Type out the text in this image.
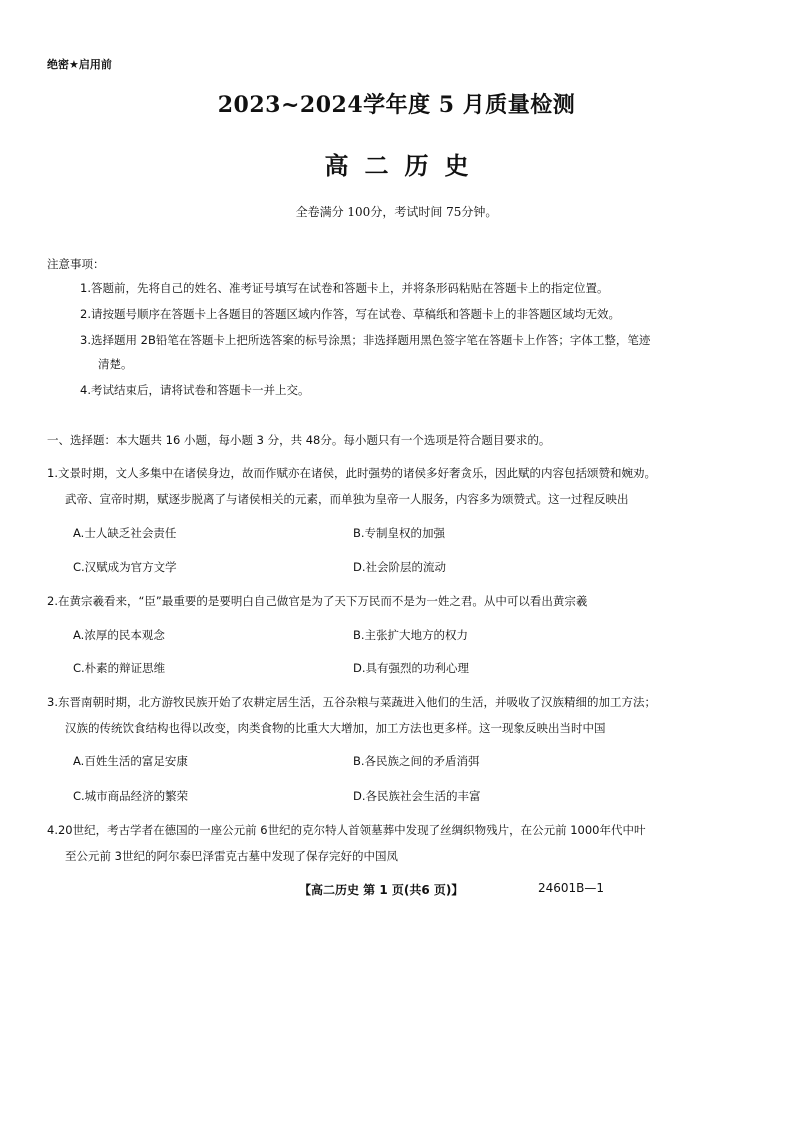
绝密★启用前
2023~2024学年度 5 月质量检测
高二历史
全卷满分 100分，考试时间 75分钟。
注意事项：
1.答题前，先将自己的姓名、准考证号填写在试卷和答题卡上，并将条形码粘贴在答题卡上的指定位置。
2.请按题号顺序在答题卡上各题目的答题区域内作答，写在试卷、草稿纸和答题卡上的非答题区域均无效。
3.选择题用 2B铅笔在答题卡上把所选答案的标号涂黑；非选择题用黑色签字笔在答题卡上作答；字体工整，笔迹
清楚。
4.考试结束后，请将试卷和答题卡一并上交。
一、选择题：本大题共 16 小题，每小题 3 分，共 48分。每小题只有一个选项是符合题目要求的。
1.文景时期，文人多集中在诸侯身边，故而作赋亦在诸侯，此时强势的诸侯多好奢贪乐，因此赋的内容包括颂赞和婉劝。
武帝、宣帝时期，赋逐步脱离了与诸侯相关的元素，而单独为皇帝一人服务，内容多为颂赞式。这一过程反映出
A.士人缺乏社会责任	B.专制皇权的加强
C.汉赋成为官方文学	D.社会阶层的流动
2.在黄宗羲看来，“臣”最重要的是要明白自己做官是为了天下万民而不是为一姓之君。从中可以看出黄宗羲
A.浓厚的民本观念	B.主张扩大地方的权力
C.朴素的辩证思维	D.具有强烈的功利心理
3.东晋南朝时期，北方游牧民族开始了农耕定居生活，五谷杂粮与菜蔬进入他们的生活，并吸收了汉族精细的加工方法；
汉族的传统饮食结构也得以改变，肉类食物的比重大大增加，加工方法也更多样。这一现象反映出当时中国
A.百姓生活的富足安康	B.各民族之间的矛盾消弭
C.城市商品经济的繁荣	D.各民族社会生活的丰富
4.20世纪，考古学者在德国的一座公元前 6世纪的克尔特人首领墓葬中发现了丝绸织物残片，在公元前 1000年代中叶
至公元前 3世纪的阿尔泰巴泽雷克古墓中发现了保存完好的中国凤
【高二历史 第 1 页(共6 页)】	24601B—1
